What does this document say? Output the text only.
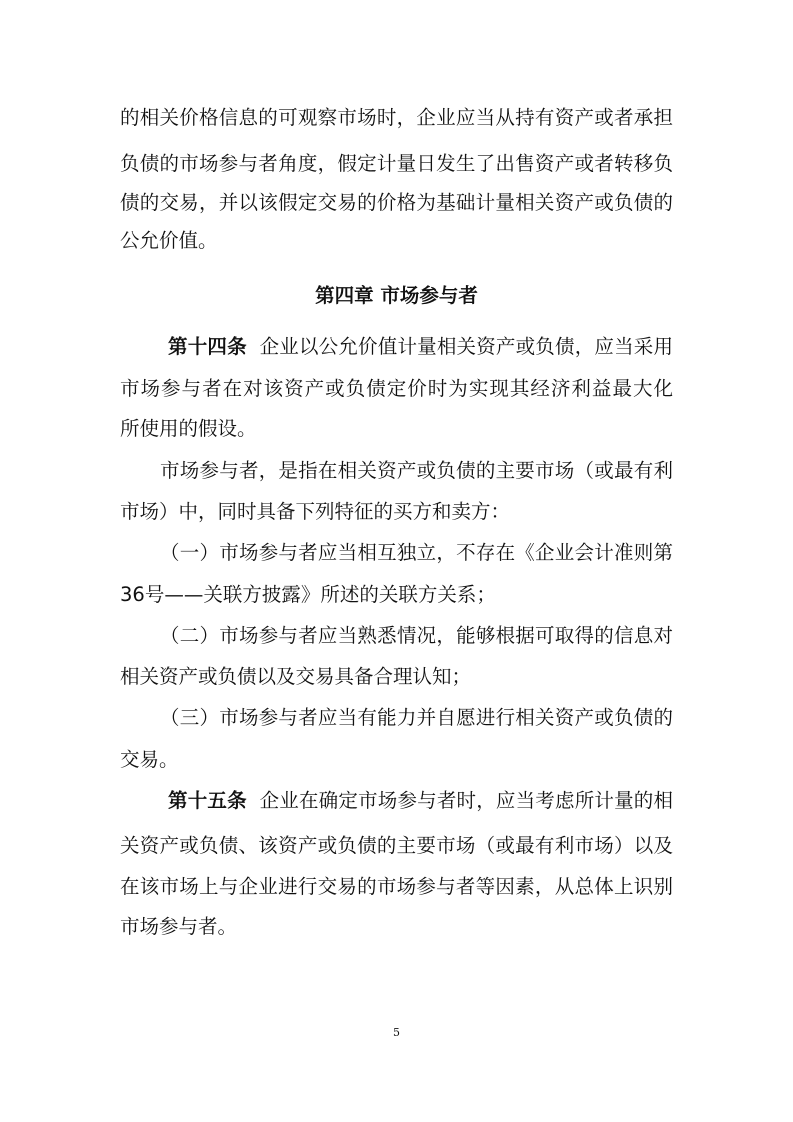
的相关价格信息的可观察市场时，企业应当从持有资产或者承担
负债的市场参与者角度，假定计量日发生了出售资产或者转移负
债的交易，并以该假定交易的价格为基础计量相关资产或负债的
公允价值。
第四章 市场参与者
第十四条 企业以公允价值计量相关资产或负债，应当采用
市场参与者在对该资产或负债定价时为实现其经济利益最大化
所使用的假设。
市场参与者，是指在相关资产或负债的主要市场（或最有利
市场）中，同时具备下列特征的买方和卖方：
（一）市场参与者应当相互独立，不存在《企业会计准则第
36号——关联方披露》所述的关联方关系；
（二）市场参与者应当熟悉情况，能够根据可取得的信息对
相关资产或负债以及交易具备合理认知；
（三）市场参与者应当有能力并自愿进行相关资产或负债的
交易。
第十五条 企业在确定市场参与者时，应当考虑所计量的相
关资产或负债、该资产或负债的主要市场（或最有利市场）以及
在该市场上与企业进行交易的市场参与者等因素，从总体上识别
市场参与者。
5
